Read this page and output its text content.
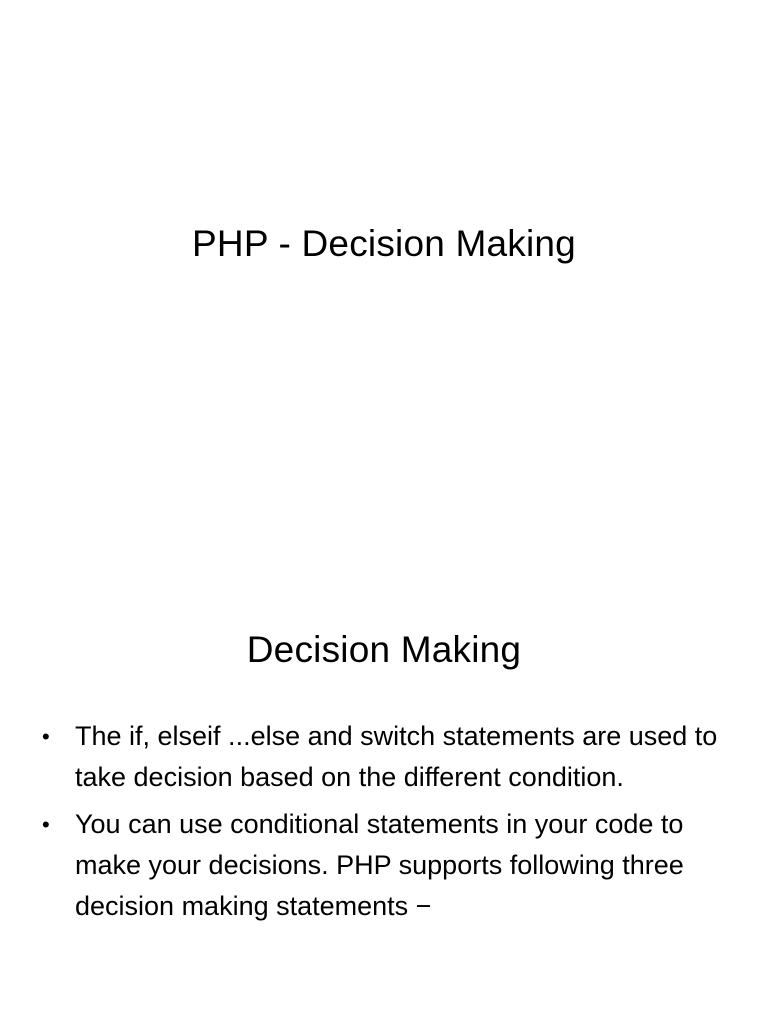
PHP - Decision Making
Decision Making
• The if, elseif ...else and switch statements are used to take decision based on the different condition.
• You can use conditional statements in your code to make your decisions. PHP supports following three decision making statements −
